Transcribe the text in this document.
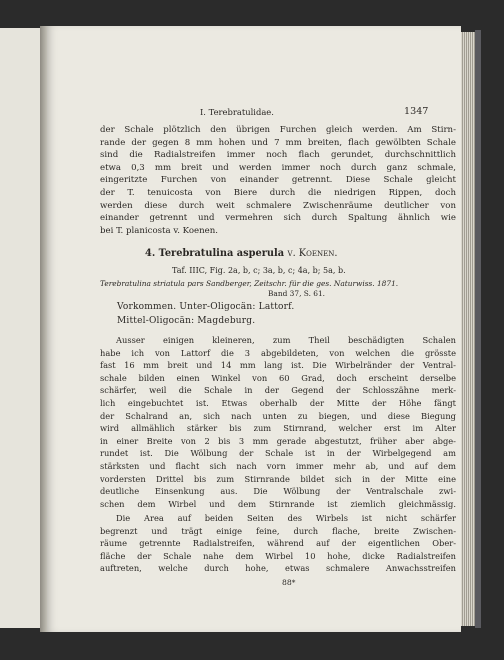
I. Terebratulidae.	1347
der Schale plötzlich den übrigen Furchen gleich werden. Am Stirn-
rande der gegen 8 mm hohen und 7 mm breiten, flach gewölbten Schale
sind die Radialstreifen immer noch flach gerundet, durchschnittlich
etwa 0,3 mm breit und werden immer noch durch ganz schmale,
eingeritzte Furchen von einander getrennt. Diese Schale gleicht
der T. tenuicosta von Biere durch die niedrigen Rippen, doch
werden diese durch weit schmalere Zwischenräume deutlicher von
einander getrennt und vermehren sich durch Spaltung ähnlich wie
bei T. planicosta v. Koenen.
4. Terebratulina asperula v. Koenen.
Taf. IIIC, Fig. 2a, b, c; 3a, b, c; 4a, b; 5a, b.
Terebratulina striatula pars Sandberger, Zeitschr. für die ges. Naturwiss. 1871.
Band 37, S. 61.
Vorkommen. Unter-Oligocän: Lattorf.
Mittel-Oligocän: Magdeburg.
Ausser einigen kleineren, zum Theil beschädigten Schalen
habe ich von Lattorf die 3 abgebildeten, von welchen die grösste
fast 16 mm breit und 14 mm lang ist. Die Wirbelränder der Ventral-
schale bilden einen Winkel von 60 Grad, doch erscheint derselbe
schärfer, weil die Schale in der Gegend der Schlosszähne merk-
lich eingebuchtet ist. Etwas oberhalb der Mitte der Höhe fängt
der Schalrand an, sich nach unten zu biegen, und diese Biegung
wird allmählich stärker bis zum Stirnrand, welcher erst im Alter
in einer Breite von 2 bis 3 mm gerade abgestutzt, früher aber abge-
rundet ist. Die Wölbung der Schale ist in der Wirbelgegend am
stärksten und flacht sich nach vorn immer mehr ab, und auf dem
vordersten Drittel bis zum Stirnrande bildet sich in der Mitte eine
deutliche Einsenkung aus. Die Wölbung der Ventralschale zwi-
schen dem Wirbel und dem Stirnrande ist ziemlich gleichmässig.
Die Area auf beiden Seiten des Wirbels ist nicht schärfer
begrenzt und trägt einige feine, durch flache, breite Zwischen-
räume getrennte Radialstreifen, während auf der eigentlichen Ober-
fläche der Schale nahe dem Wirbel 10 hohe, dicke Radialstreifen
auftreten, welche durch hohe, etwas schmalere Anwachsstreifen
88*
